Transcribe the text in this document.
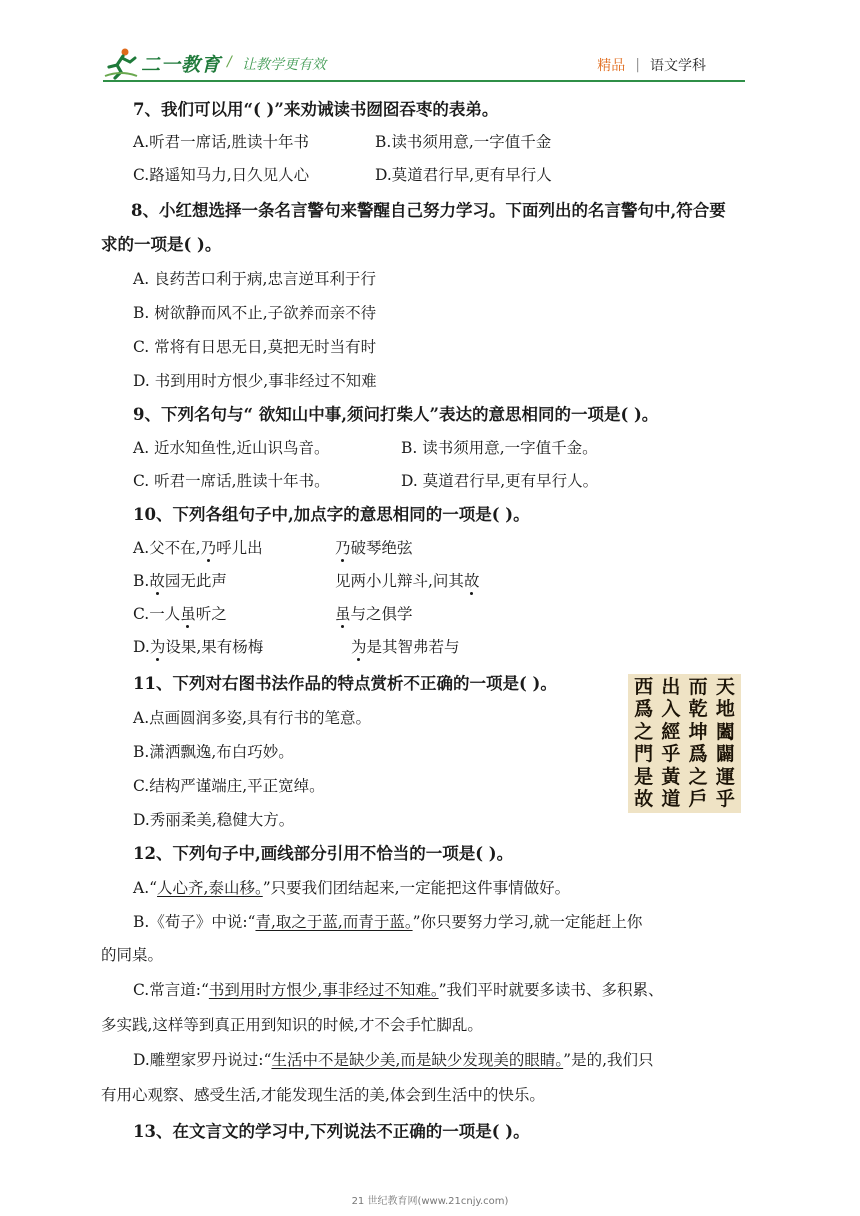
二一教育 / 让教学更有效	精品 | 语文学科

7、我们可以用“( )”来劝诫读书囫囵吞枣的表弟。

A.听君一席话,胜读十年书	B.读书须用意,一字值千金
C.路遥知马力,日久见人心	D.莫道君行早,更有早行人

8、小红想选择一条名言警句来警醒自己努力学习。下面列出的名言警句中,符合要

求的一项是( )。

A. 良药苦口利于病,忠言逆耳利于行

B. 树欲静而风不止,子欲养而亲不待

C. 常将有日思无日,莫把无时当有时

D. 书到用时方恨少,事非经过不知难

9、下列名句与“ 欲知山中事,须问打柴人”表达的意思相同的一项是( )。

A. 近水知鱼性,近山识鸟音。	B. 读书须用意,一字值千金。
C. 听君一席话,胜读十年书。	D. 莫道君行早,更有早行人。

10、下列各组句子中,加点字的意思相同的一项是( )。

A.父不在,乃呼儿出	乃破琴绝弦
B.故园无此声	见两小儿辩斗,问其故
C.一人虽听之	虽与之俱学
D.为设果,果有杨梅	为是其智弗若与

11、下列对右图书法作品的特点赏析不正确的一项是( )。

A.点画圆润多姿,具有行书的笔意。

B.潇洒飘逸,布白巧妙。

C.结构严谨端庄,平正宽绰。

D.秀丽柔美,稳健大方。

12、下列句子中,画线部分引用不恰当的一项是( )。

A.“人心齐,泰山移。”只要我们团结起来,一定能把这件事情做好。

B.《荀子》中说:“青,取之于蓝,而青于蓝。”你只要努力学习,就一定能赶上你

的同桌。

C.常言道:“书到用时方恨少,事非经过不知难。”我们平时就要多读书、多积累、

多实践,这样等到真正用到知识的时候,才不会手忙脚乱。

D.雕塑家罗丹说过:“生活中不是缺少美,而是缺少发现美的眼睛。”是的,我们只

有用心观察、感受生活,才能发现生活的美,体会到生活中的快乐。

13、在文言文的学习中,下列说法不正确的一项是( )。

天
地
闔
闢
運
乎
而
乾
坤
爲
之
戶
出
入
經
乎
黃
道
西
爲
之
門
是
故
21 世纪教育网(www.21cnjy.com)
